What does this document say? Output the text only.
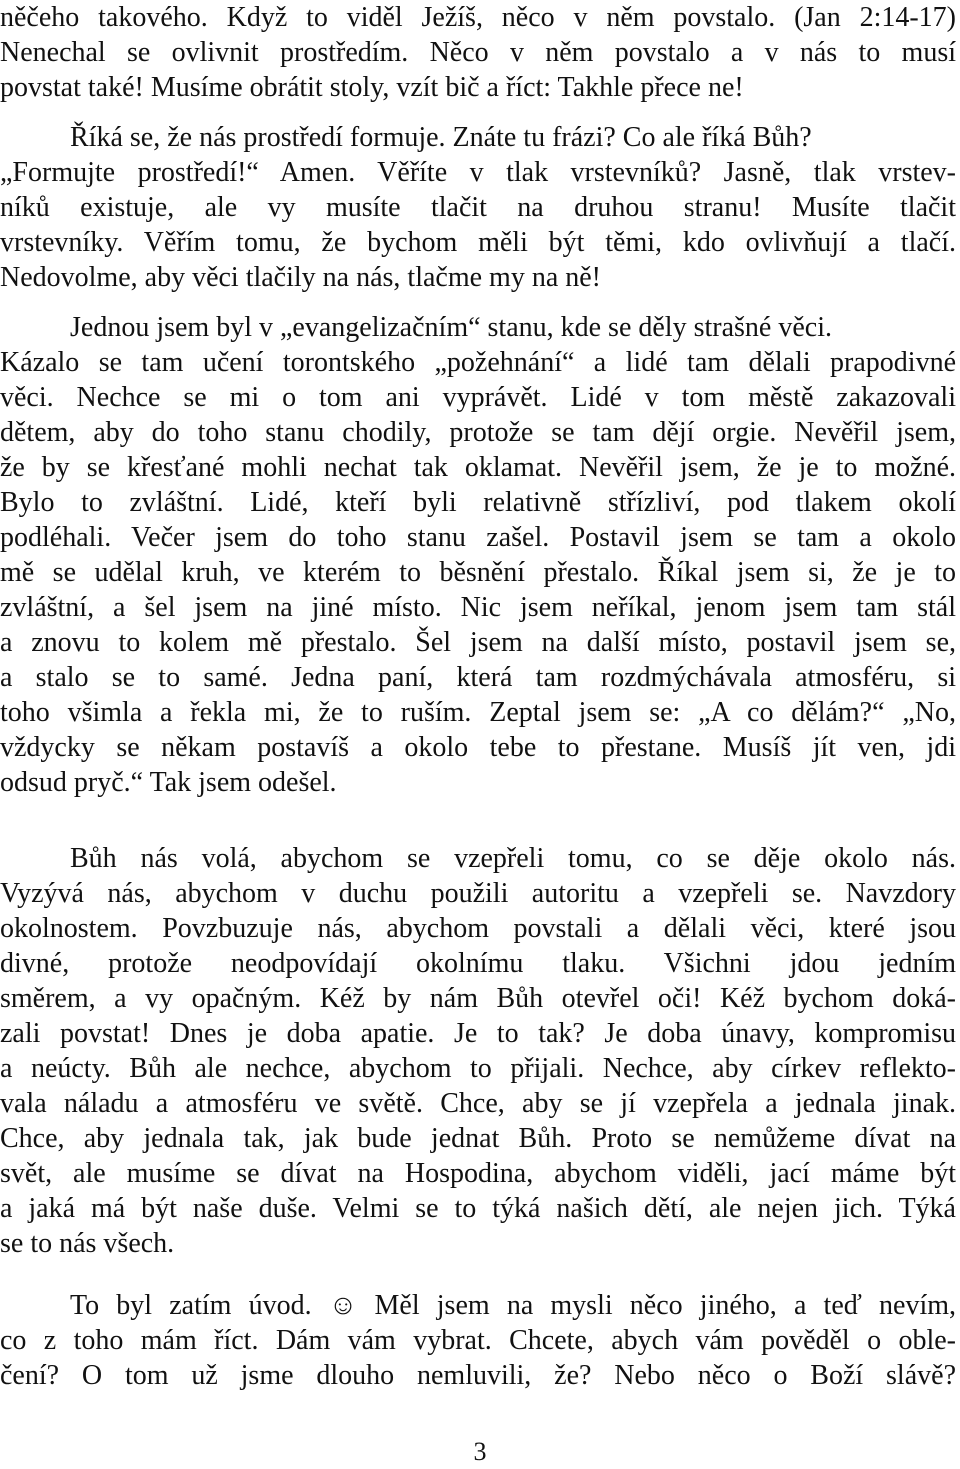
něčeho takového. Když to viděl Ježíš, něco v něm povstalo. (Jan 2:14-17)
Nenechal se ovlivnit prostředím. Něco v něm povstalo a v nás to musí
povstat také! Musíme obrátit stoly, vzít bič a říct: Takhle přece ne!
Říká se, že nás prostředí formuje. Znáte tu frázi? Co ale říká Bůh?
„Formujte prostředí!“ Amen. Věříte v tlak vrstevníků? Jasně, tlak vrstev-
níků existuje, ale vy musíte tlačit na druhou stranu! Musíte tlačit
vrstevníky. Věřím tomu, že bychom měli být těmi, kdo ovlivňují a tlačí.
Nedovolme, aby věci tlačily na nás, tlačme my na ně!
Jednou jsem byl v „evangelizačním“ stanu, kde se děly strašné věci.
Kázalo se tam učení torontského „požehnání“ a lidé tam dělali prapodivné
věci. Nechce se mi o tom ani vyprávět. Lidé v tom městě zakazovali
dětem, aby do toho stanu chodily, protože se tam dějí orgie. Nevěřil jsem,
že by se křesťané mohli nechat tak oklamat. Nevěřil jsem, že je to možné.
Bylo to zvláštní. Lidé, kteří byli relativně střízliví, pod tlakem okolí
podléhali. Večer jsem do toho stanu zašel. Postavil jsem se tam a okolo
mě se udělal kruh, ve kterém to běsnění přestalo. Říkal jsem si, že je to
zvláštní, a šel jsem na jiné místo. Nic jsem neříkal, jenom jsem tam stál
a znovu to kolem mě přestalo. Šel jsem na další místo, postavil jsem se,
a stalo se to samé. Jedna paní, která tam rozdmýchávala atmosféru, si
toho všimla a řekla mi, že to ruším. Zeptal jsem se: „A co dělám?“ „No,
vždycky se někam postavíš a okolo tebe to přestane. Musíš jít ven, jdi
odsud pryč.“ Tak jsem odešel.
Bůh nás volá, abychom se vzepřeli tomu, co se děje okolo nás.
Vyzývá nás, abychom v duchu použili autoritu a vzepřeli se. Navzdory
okolnostem. Povzbuzuje nás, abychom povstali a dělali věci, které jsou
divné, protože neodpovídají okolnímu tlaku. Všichni jdou jedním
směrem, a vy opačným. Kéž by nám Bůh otevřel oči! Kéž bychom doká-
zali povstat! Dnes je doba apatie. Je to tak? Je doba únavy, kompromisu
a neúcty. Bůh ale nechce, abychom to přijali. Nechce, aby církev reflekto-
vala náladu a atmosféru ve světě. Chce, aby se jí vzepřela a jednala jinak.
Chce, aby jednala tak, jak bude jednat Bůh. Proto se nemůžeme dívat na
svět, ale musíme se dívat na Hospodina, abychom viděli, jací máme být
a jaká má být naše duše. Velmi se to týká našich dětí, ale nejen jich. Týká
se to nás všech.
To byl zatím úvod. ☺ Měl jsem na mysli něco jiného, a teď nevím,
co z toho mám říct. Dám vám vybrat. Chcete, abych vám pověděl o oble-
čení? O tom už jsme dlouho nemluvili, že? Nebo něco o Boží slávě?
3
